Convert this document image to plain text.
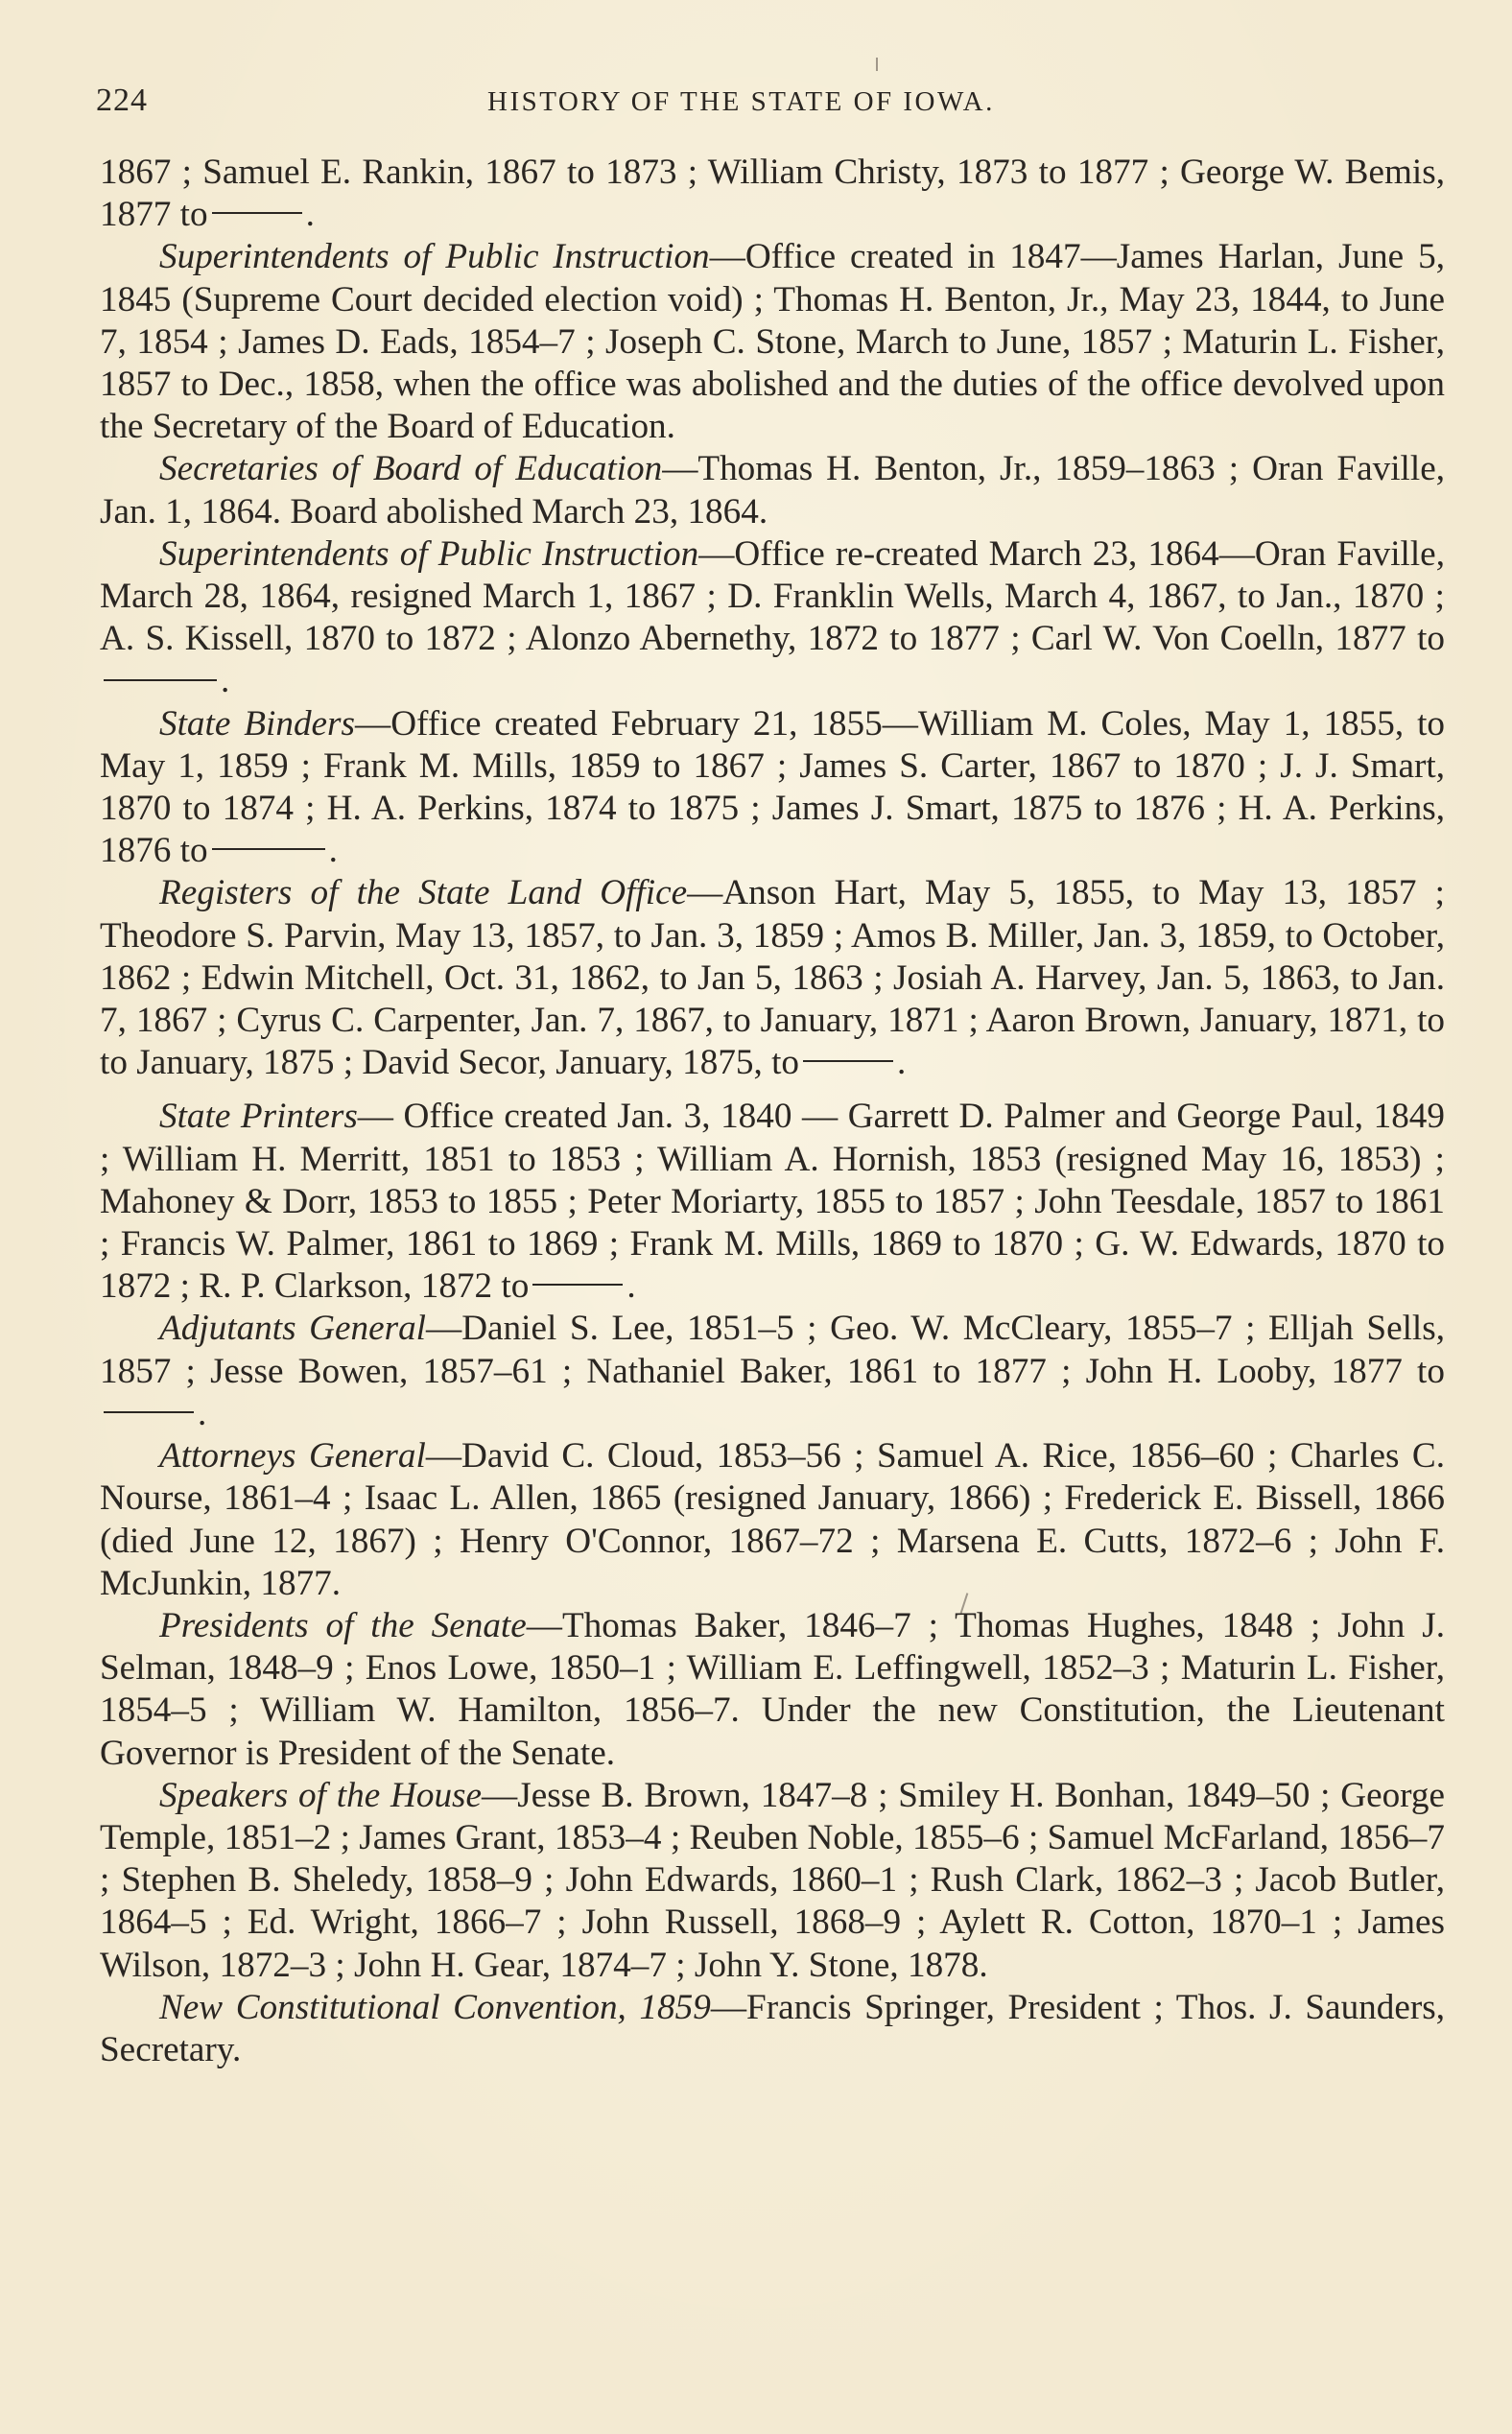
224	HISTORY OF THE STATE OF IOWA.

1867 ; Samuel E. Rankin, 1867 to 1873 ; William Christy, 1873 to 1877 ; George W. Bemis, 1877 to	.

Superintendents of Public Instruction—Office created in 1847—James Harlan, June 5, 1845 (Supreme Court decided election void) ; Thomas H. Benton, Jr., May 23, 1844, to June 7, 1854 ; James D. Eads, 1854–7 ; Joseph C. Stone, March to June, 1857 ; Maturin L. Fisher, 1857 to Dec., 1858, when the office was abolished and the duties of the office devolved upon the Secretary of the Board of Education.

Secretaries of Board of Education—Thomas H. Benton, Jr., 1859–1863 ; Oran Faville, Jan. 1, 1864. Board abolished March 23, 1864.

Superintendents of Public Instruction—Office re-created March 23, 1864—Oran Faville, March 28, 1864, resigned March 1, 1867 ; D. Franklin Wells, March 4, 1867, to Jan., 1870 ; A. S. Kissell, 1870 to 1872 ; Alonzo Abernethy, 1872 to 1877 ; Carl W. Von Coelln, 1877 to.

State Binders—Office created February 21, 1855—William M. Coles, May 1, 1855, to May 1, 1859 ; Frank M. Mills, 1859 to 1867 ; James S. Carter, 1867 to 1870 ; J. J. Smart, 1870 to 1874 ; H. A. Perkins, 1874 to 1875 ; James J. Smart, 1875 to 1876 ; H. A. Perkins, 1876 to	.

Registers of the State Land Office—Anson Hart, May 5, 1855, to May 13, 1857 ; Theodore S. Parvin, May 13, 1857, to Jan. 3, 1859 ; Amos B. Miller, Jan. 3, 1859, to October, 1862 ; Edwin Mitchell, Oct. 31, 1862, to Jan 5, 1863 ; Josiah A. Harvey, Jan. 5, 1863, to Jan. 7, 1867 ; Cyrus C. Carpenter, Jan. 7, 1867, to January, 1871 ; Aaron Brown, January, 1871, to to January, 1875 ; David Secor, January, 1875, to	.

State Printers— Office created Jan. 3, 1840 — Garrett D. Palmer and George Paul, 1849 ; William H. Merritt, 1851 to 1853 ; William A. Hornish, 1853 (resigned May 16, 1853) ; Mahoney & Dorr, 1853 to 1855 ; Peter Moriarty, 1855 to 1857 ; John Teesdale, 1857 to 1861 ; Francis W. Palmer, 1861 to 1869 ; Frank M. Mills, 1869 to 1870 ; G. W. Edwards, 1870 to 1872 ; R. P. Clarkson, 1872 to	.

Adjutants General—Daniel S. Lee, 1851–5 ; Geo. W. McCleary, 1855–7 ; Elljah Sells, 1857 ; Jesse Bowen, 1857–61 ; Nathaniel Baker, 1861 to 1877 ; John H. Looby, 1877 to.

Attorneys General—David C. Cloud, 1853–56 ; Samuel A. Rice, 1856–60 ; Charles C. Nourse, 1861–4 ; Isaac L. Allen, 1865 (resigned January, 1866) ; Frederick E. Bissell, 1866 (died June 12, 1867) ; Henry O'Connor, 1867–72 ; Marsena E. Cutts, 1872–6 ; John F. McJunkin, 1877.

Presidents of the Senate—Thomas Baker, 1846–7 ; Thomas Hughes, 1848 ; John J. Selman, 1848–9 ; Enos Lowe, 1850–1 ; William E. Leffingwell, 1852–3 ; Maturin L. Fisher, 1854–5 ; William W. Hamilton, 1856–7. Under the new Constitution, the Lieutenant Governor is President of the Senate.

Speakers of the House—Jesse B. Brown, 1847–8 ; Smiley H. Bonhan, 1849–50 ; George Temple, 1851–2 ; James Grant, 1853–4 ; Reuben Noble, 1855–6 ; Samuel McFarland, 1856–7 ; Stephen B. Sheledy, 1858–9 ; John Edwards, 1860–1 ; Rush Clark, 1862–3 ; Jacob Butler, 1864–5 ; Ed. Wright, 1866–7 ; John Russell, 1868–9 ; Aylett R. Cotton, 1870–1 ; James Wilson, 1872–3 ; John H. Gear, 1874–7 ; John Y. Stone, 1878.

New Constitutional Convention, 1859—Francis Springer, President ; Thos. J. Saunders, Secretary.
